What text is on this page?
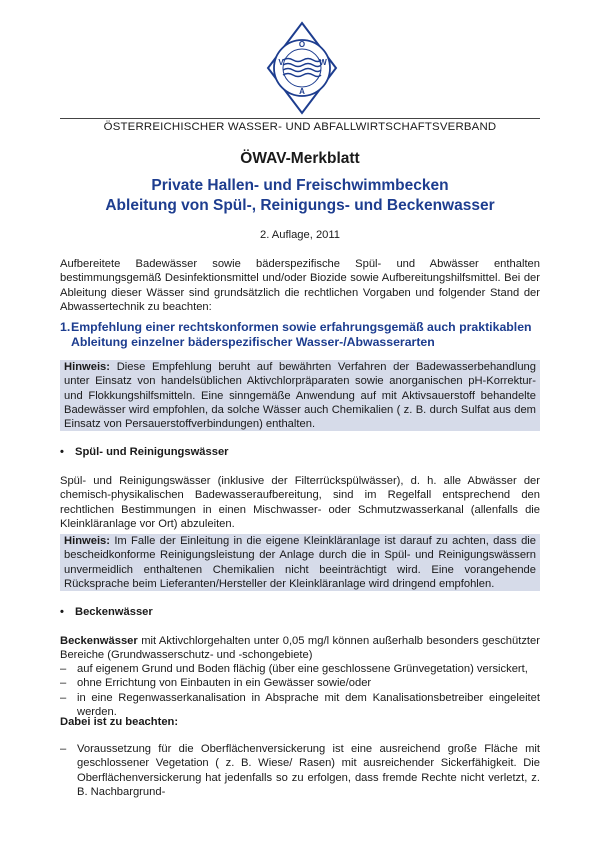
Ö
W
A
V
ÖSTERREICHISCHER WASSER- UND ABFALLWIRTSCHAFTSVERBAND
ÖWAV-Merkblatt
Private Hallen- und Freischwimmbecken
Ableitung von Spül-, Reinigungs- und Beckenwasser
2. Auflage, 2011
Aufbereitete Badewässer sowie bäderspezifische Spül- und Abwässer enthalten bestimmungsgemäß Desinfektionsmittel und/oder Biozide sowie Aufbereitungshilfsmittel. Bei der Ableitung dieser Wässer sind grundsätzlich die rechtlichen Vorgaben und folgender Stand der Abwassertechnik zu beachten:
1. Empfehlung einer rechtskonformen sowie erfahrungsgemäß auch praktikablen Ableitung einzelner bäderspezifischer Wasser-/Abwasserarten
Hinweis: Diese Empfehlung beruht auf bewährten Verfahren der Badewasserbehandlung unter Einsatz von handelsüblichen Aktivchlorpräparaten sowie anorganischen pH-Korrektur- und Flokkungshilfsmitteln. Eine sinngemäße Anwendung auf mit Aktivsauerstoff behandelte Badewässer wird empfohlen, da solche Wässer auch Chemikalien ( z. B. durch Sulfat aus dem Einsatz von Persauerstoffverbindungen) enthalten.
• Spül- und Reinigungswässer
Spül- und Reinigungswässer (inklusive der Filterrückspülwässer), d. h. alle Abwässer der chemisch-physikalischen Badewasseraufbereitung, sind im Regelfall entsprechend den rechtlichen Bestimmungen in einen Mischwasser- oder Schmutzwasserkanal (allenfalls die Kleinkläranlage vor Ort) abzuleiten.
Hinweis: Im Falle der Einleitung in die eigene Kleinkläranlage ist darauf zu achten, dass die bescheidkonforme Reinigungsleistung der Anlage durch die in Spül- und Reinigungswässern unvermeidlich enthaltenen Chemikalien nicht beeinträchtigt wird. Eine vorangehende Rücksprache beim Lieferanten/Hersteller der Kleinkläranlage wird dringend empfohlen.
• Beckenwässer
Beckenwässer mit Aktivchlorgehalten unter 0,05 mg/l können außerhalb besonders geschützter Bereiche (Grundwasserschutz- und -schongebiete)
– auf eigenem Grund und Boden flächig (über eine geschlossene Grünvegetation) versickert,
– ohne Errichtung von Einbauten in ein Gewässer sowie/oder
– in eine Regenwasserkanalisation in Absprache mit dem Kanalisationsbetreiber eingeleitet werden.
Dabei ist zu beachten:
– Voraussetzung für die Oberflächenversickerung ist eine ausreichend große Fläche mit geschlossener Vegetation ( z. B. Wiese/ Rasen) mit ausreichender Sickerfähigkeit. Die Oberflächenversickerung hat jedenfalls so zu erfolgen, dass fremde Rechte nicht verletzt, z. B. Nachbargrund-
